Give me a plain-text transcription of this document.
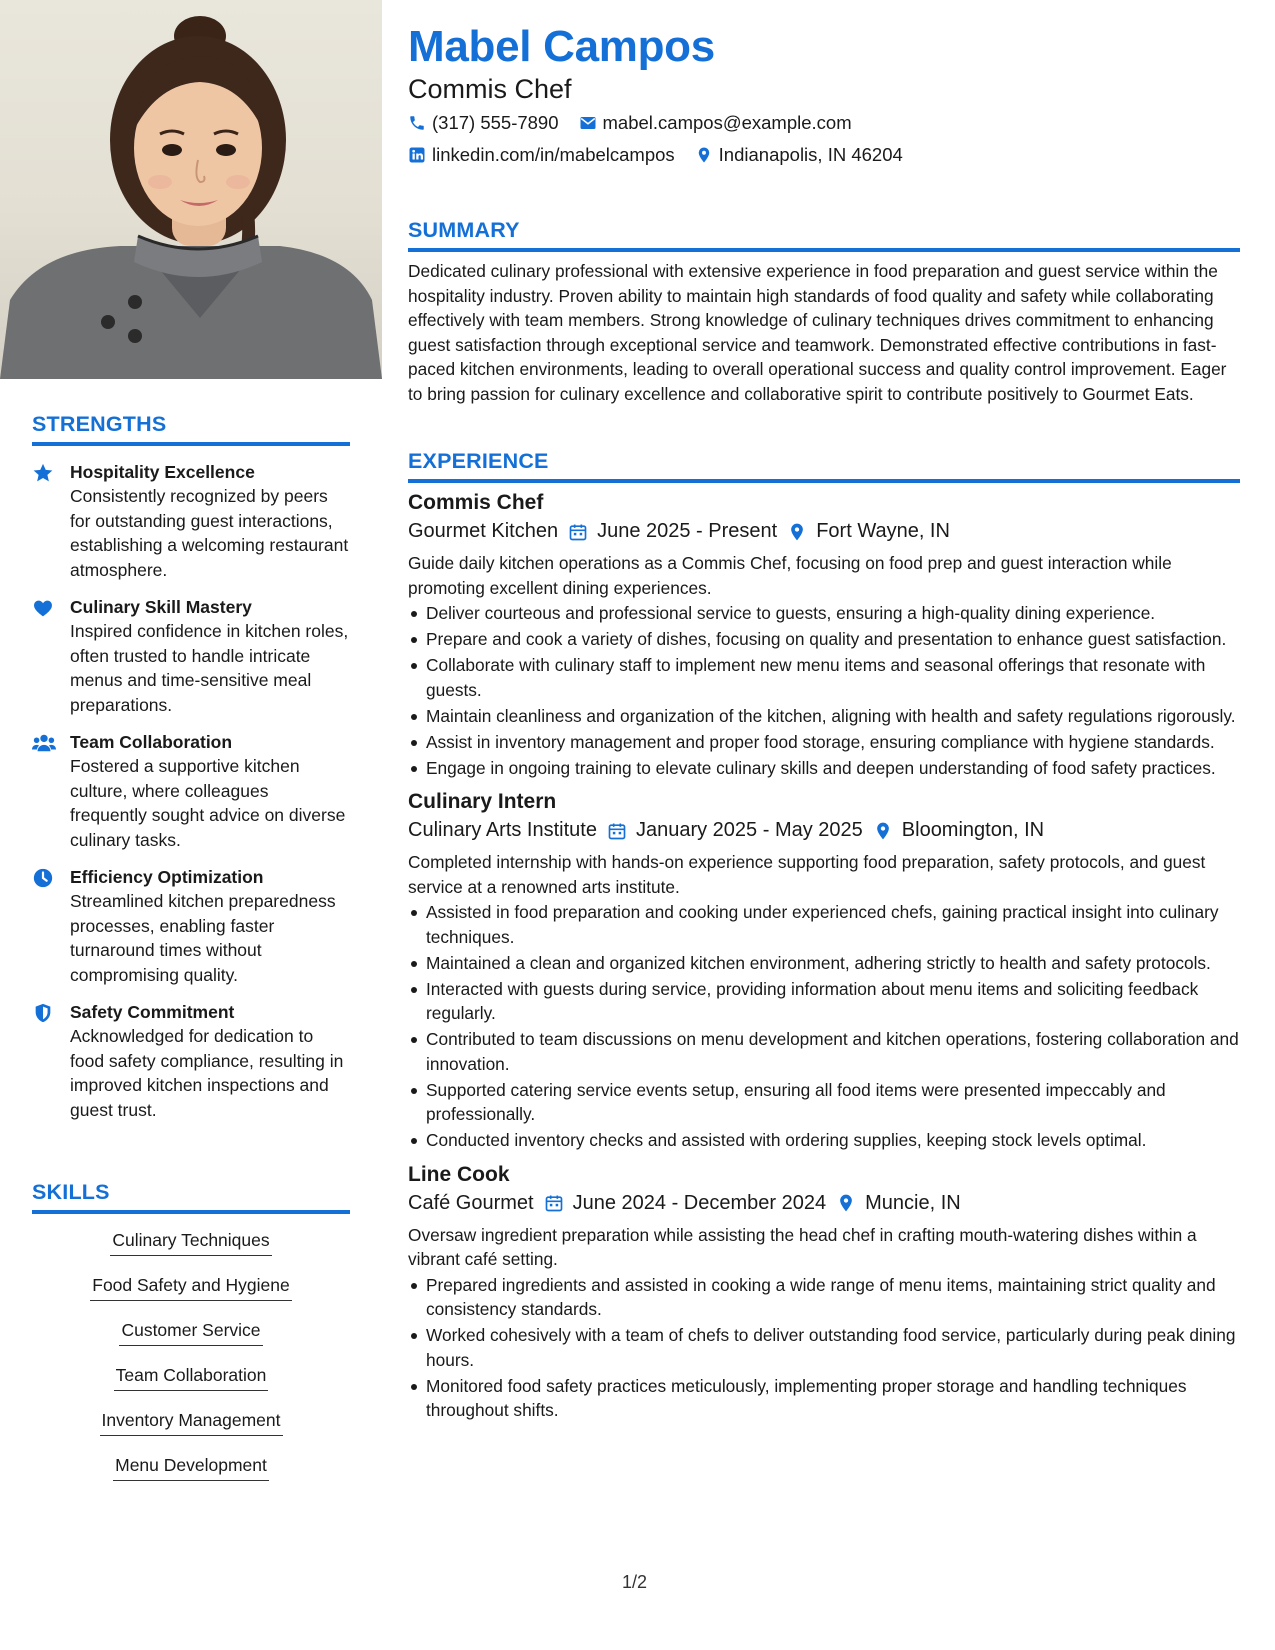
STRENGTHS
Hospitality Excellence
Consistently recognized by peers for outstanding guest interactions, establishing a welcoming restaurant atmosphere.
Culinary Skill Mastery
Inspired confidence in kitchen roles, often trusted to handle intricate menus and time-sensitive meal preparations.
Team Collaboration
Fostered a supportive kitchen culture, where colleagues frequently sought advice on diverse culinary tasks.
Efficiency Optimization
Streamlined kitchen preparedness processes, enabling faster turnaround times without compromising quality.
Safety Commitment
Acknowledged for dedication to food safety compliance, resulting in improved kitchen inspections and guest trust.
SKILLS
Culinary Techniques
Food Safety and Hygiene
Customer Service
Team Collaboration
Inventory Management
Menu Development
Mabel Campos
Commis Chef
(317) 555-7890 mabel.campos@example.com
linkedin.com/in/mabelcampos Indianapolis, IN 46204
SUMMARY
Dedicated culinary professional with extensive experience in food preparation and guest service within the hospitality industry. Proven ability to maintain high standards of food quality and safety while collaborating effectively with team members. Strong knowledge of culinary techniques drives commitment to enhancing guest satisfaction through exceptional service and teamwork. Demonstrated effective contributions in fast-paced kitchen environments, leading to overall operational success and quality control improvement. Eager to bring passion for culinary excellence and collaborative spirit to contribute positively to Gourmet Eats.
EXPERIENCE
Commis Chef
Gourmet Kitchen June 2025 - Present Fort Wayne, IN
Guide daily kitchen operations as a Commis Chef, focusing on food prep and guest interaction while promoting excellent dining experiences.
Deliver courteous and professional service to guests, ensuring a high-quality dining experience.
Prepare and cook a variety of dishes, focusing on quality and presentation to enhance guest satisfaction.
Collaborate with culinary staff to implement new menu items and seasonal offerings that resonate with guests.
Maintain cleanliness and organization of the kitchen, aligning with health and safety regulations rigorously.
Assist in inventory management and proper food storage, ensuring compliance with hygiene standards.
Engage in ongoing training to elevate culinary skills and deepen understanding of food safety practices.
Culinary Intern
Culinary Arts Institute January 2025 - May 2025 Bloomington, IN
Completed internship with hands-on experience supporting food preparation, safety protocols, and guest service at a renowned arts institute.
Assisted in food preparation and cooking under experienced chefs, gaining practical insight into culinary techniques.
Maintained a clean and organized kitchen environment, adhering strictly to health and safety protocols.
Interacted with guests during service, providing information about menu items and soliciting feedback regularly.
Contributed to team discussions on menu development and kitchen operations, fostering collaboration and innovation.
Supported catering service events setup, ensuring all food items were presented impeccably and professionally.
Conducted inventory checks and assisted with ordering supplies, keeping stock levels optimal.
Line Cook
Café Gourmet June 2024 - December 2024 Muncie, IN
Oversaw ingredient preparation while assisting the head chef in crafting mouth-watering dishes within a vibrant café setting.
Prepared ingredients and assisted in cooking a wide range of menu items, maintaining strict quality and consistency standards.
Worked cohesively with a team of chefs to deliver outstanding food service, particularly during peak dining hours.
Monitored food safety practices meticulously, implementing proper storage and handling techniques throughout shifts.
1/2
